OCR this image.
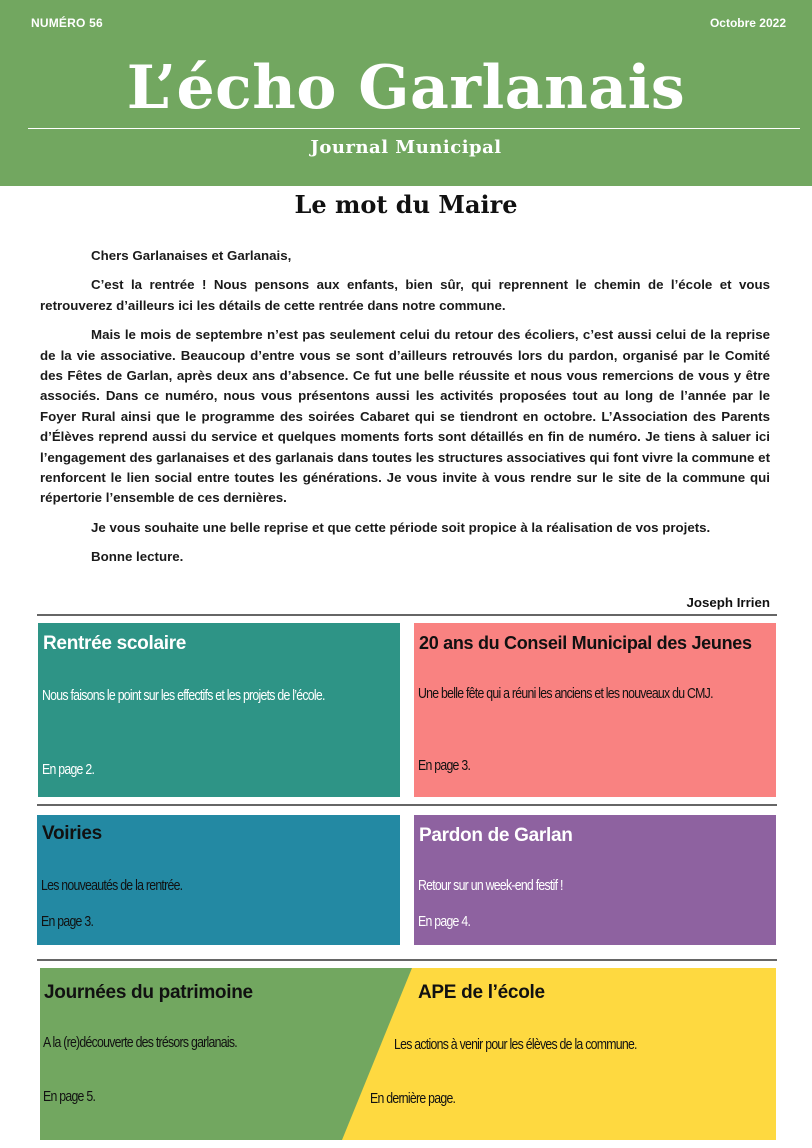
NUMÉRO 56	Octobre 2022
L’écho Garlanais
Journal Municipal
Le mot du Maire

Chers Garlanaises et Garlanais,

C’est la rentrée ! Nous pensons aux enfants, bien sûr, qui reprennent le chemin de l’école et vous retrouverez d’ailleurs ici les détails de cette rentrée dans notre commune.

Mais le mois de septembre n’est pas seulement celui du retour des écoliers, c’est aussi celui de la reprise de la vie associative. Beaucoup d’entre vous se sont d’ailleurs retrouvés lors du pardon, organisé par le Comité des Fêtes de Garlan, après deux ans d’absence. Ce fut une belle réussite et nous vous remercions de vous y être associés. Dans ce numéro, nous vous présentons aussi les activités proposées tout au long de l’année par le Foyer Rural ainsi que le programme des soirées Cabaret qui se tiendront en octobre. L’Association des Parents d’Élèves reprend aussi du service et quelques moments forts sont détaillés en fin de numéro. Je tiens à saluer ici l’engagement des garlanaises et des garlanais dans toutes les structures associatives qui font vivre la commune et renforcent le lien social entre toutes les générations. Je vous invite à vous rendre sur le site de la commune qui répertorie l’ensemble de ces dernières.

Je vous souhaite une belle reprise et que cette période soit propice à la réalisation de vos projets.

Bonne lecture.

Joseph Irrien
Rentrée scolaire
Nous faisons le point sur les effectifs et les projets de l’école.
En page 2.
20 ans du Conseil Municipal des Jeunes
Une belle fête qui a réuni les anciens et les nouveaux du CMJ.
En page 3.
Voiries
Les nouveautés de la rentrée.
En page 3.
Pardon de Garlan
Retour sur un week-end festif !
En page 4.
Journées du patrimoine
A la (re)découverte des trésors garlanais.
En page 5.
APE de l’école
Les actions à venir pour les élèves de la commune.
En dernière page.
